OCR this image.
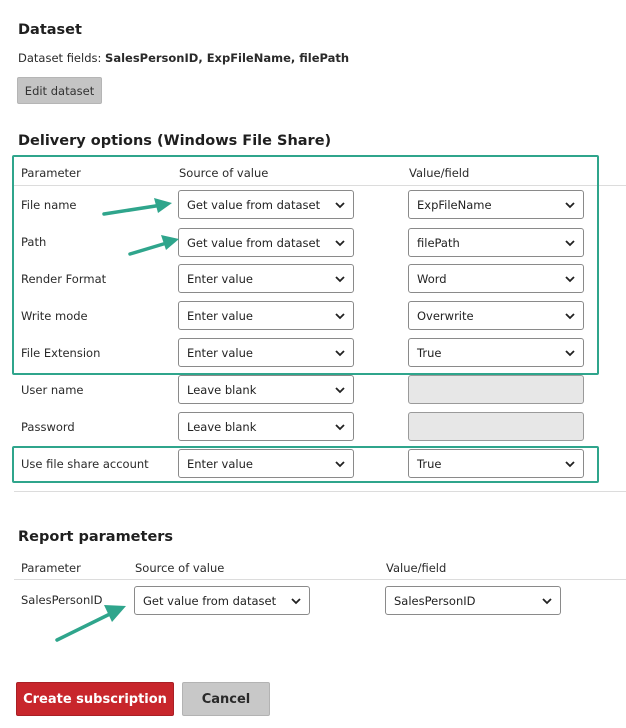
Dataset
Dataset fields: SalesPersonID, ExpFileName, filePath
Edit dataset
Delivery options (Windows File Share)
Parameter	Source of value	Value/field
File name	Get value from dataset	ExpFileName
Path	Get value from dataset	filePath
Render Format	Enter value	Word
Write mode	Enter value	Overwrite
File Extension	Enter value	True
User name	Leave blank
Password	Leave blank
Use file share account	Enter value	True
Report parameters
Parameter	Source of value	Value/field
SalesPersonID	Get value from dataset	SalesPersonID
Create subscription	Cancel
